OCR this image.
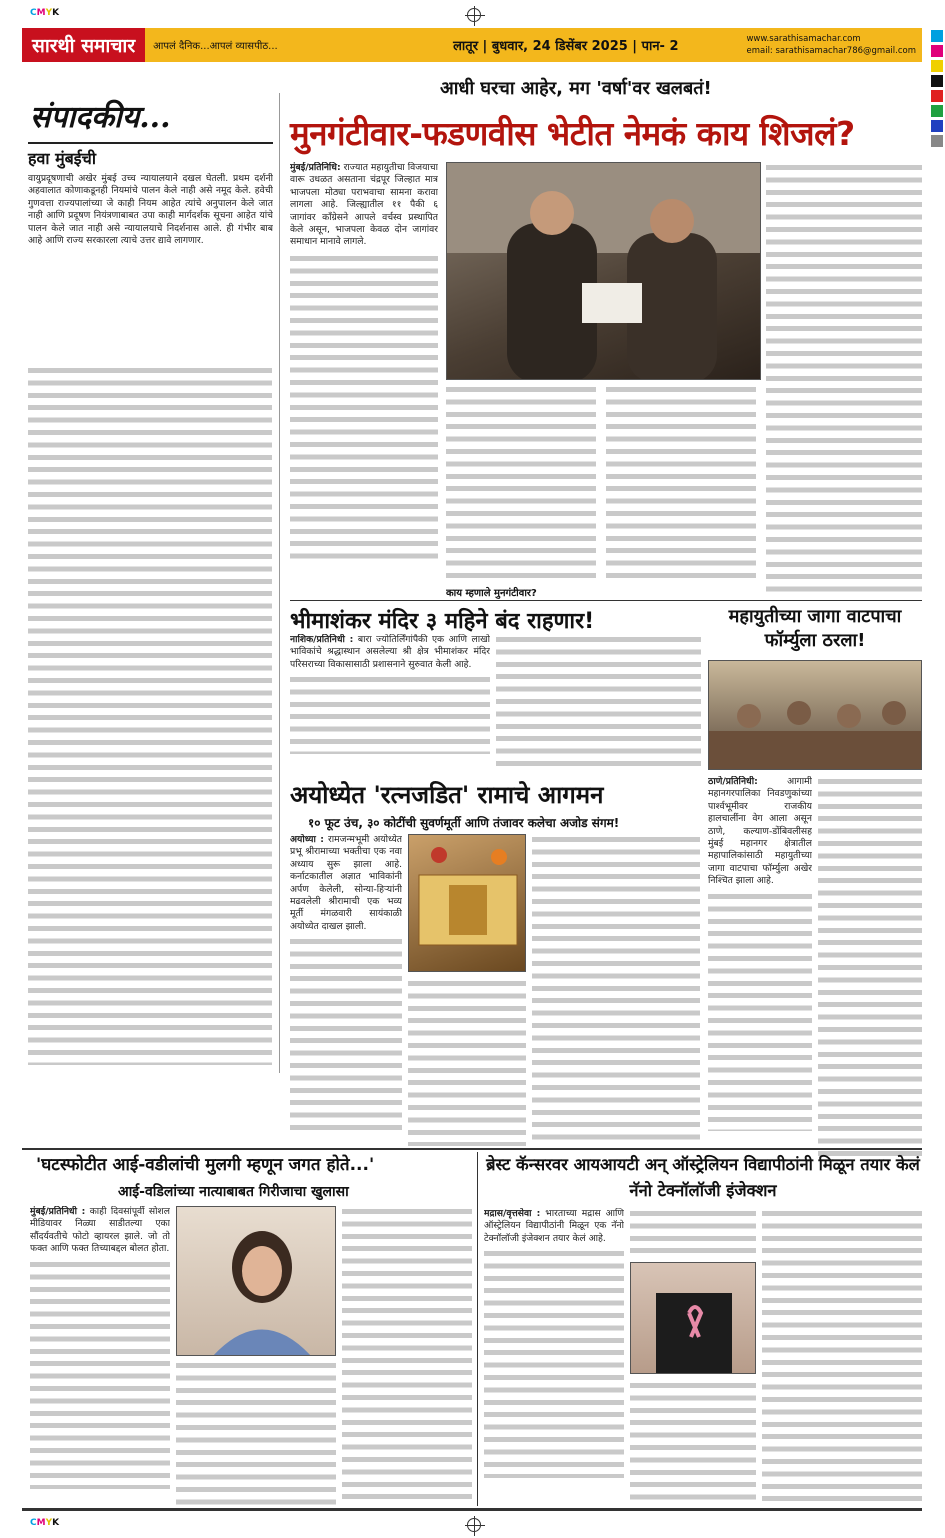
CMYK
CMYK
सारथी समाचार	आपलं दैनिक...आपलं व्यासपीठ...	लातूर | बुधवार, 24 डिसेंबर 2025 | पान- 2	www.sarathisamachar.com
email: sarathisamachar786@gmail.com
संपादकीय...
हवा मुंबईची
वायुप्रदूषणाची अखेर मुंबई उच्च न्यायालयाने दखल घेतली. प्रथम दर्शनी अहवालात कोणाकडूनही नियमांचे पालन केले नाही असे नमूद केले. हवेची गुणवत्ता राज्यपालांच्या जे काही नियम आहेत त्यांचे अनुपालन केले जात नाही आणि प्रदूषण नियंत्रणाबाबत उपा काही मार्गदर्शक सूचना आहेत यांचे पालन केले जात नाही असे न्यायालयाचे निदर्शनास आले. ही गंभीर बाब आहे आणि राज्य सरकारला त्याचे उत्तर द्यावे लागणार.
आधी घरचा आहेर, मग 'वर्षा'वर खलबतं!
मुनगंटीवार-फडणवीस भेटीत नेमकं काय शिजलं?
मुंबई/प्रतिनिधि: राज्यात महायुतीचा विजयाचा वारू उधळत असताना चंद्रपूर जिल्हात मात्र भाजपला मोठ्या पराभवाचा सामना करावा लागला आहे. जिल्ह्यातील ११ पैकी ६ जागांवर काँग्रेसने आपले वर्चस्व प्रस्थापित केले असून, भाजपला केवळ दोन जागांवर समाधान मानावे लागले.
काय म्हणाले मुनगंटीवार?
भीमाशंकर मंदिर ३ महिने बंद राहणार!
नाशिक/प्रतिनिधी : बारा ज्योतिर्लिंगांपैकी एक आणि लाखो भाविकांचे श्रद्धास्थान असलेल्या श्री क्षेत्र भीमाशंकर मंदिर परिसराच्या विकासासाठी प्रशासनाने सुरुवात केली आहे.
महायुतीच्या जागा वाटपाचा फॉर्म्युला ठरला!
ठाणे/प्रतिनिधी:	आगामी महानगरपालिका निवडणुकांच्या पार्श्वभूमीवर राजकीय हालचालींना वेग आला असून ठाणे, कल्याण-डोंबिवलीसह मुंबई महानगर क्षेत्रातील महापालिकांसाठी महायुतीच्या जागा वाटपाचा फॉर्म्युला अखेर निश्चित झाला आहे.
अयोध्येत 'रत्नजडित' रामाचे आगमन
१० फूट उंच, ३० कोटींची सुवर्णमूर्ती आणि तंजावर कलेचा अजोड संगम!
अयोध्या : रामजन्मभूमी अयोध्येत प्रभू श्रीरामाच्या भक्तीचा एक नवा अध्याय सुरू झाला आहे. कर्नाटकातील अज्ञात भाविकांनी अर्पण केलेली, सोन्या-हिऱ्यांनी मढवलेली श्रीरामाची एक भव्य मूर्ती मंगळवारी सायंकाळी अयोध्येत दाखल झाली.
'घटस्फोटीत आई-वडीलांची मुलगी म्हणून जगत होते...'
आई-वडिलांच्या नात्याबाबत गिरीजाचा खुलासा
मुंबई/प्रतिनिधी : काही दिवसांपूर्वी सोशल मीडियावर निळ्या साडीतल्या एका सौंदर्यवतीचे फोटो व्हायरल झाले. जो तो फक्त आणि फक्त तिच्याबद्दल बोलत होता.
ब्रेस्ट कॅन्सरवर आयआयटी अन् ऑस्ट्रेलियन विद्यापीठांनी मिळून तयार केलं नॅनो टेक्नॉलॉजी इंजेक्शन
मद्रास/वृत्तसेवा : भारताच्या मद्रास आणि ऑस्ट्रेलियन विद्यापीठांनी मिळून एक नॅनो टेक्नॉलॉजी इंजेक्शन तयार केलं आहे.
